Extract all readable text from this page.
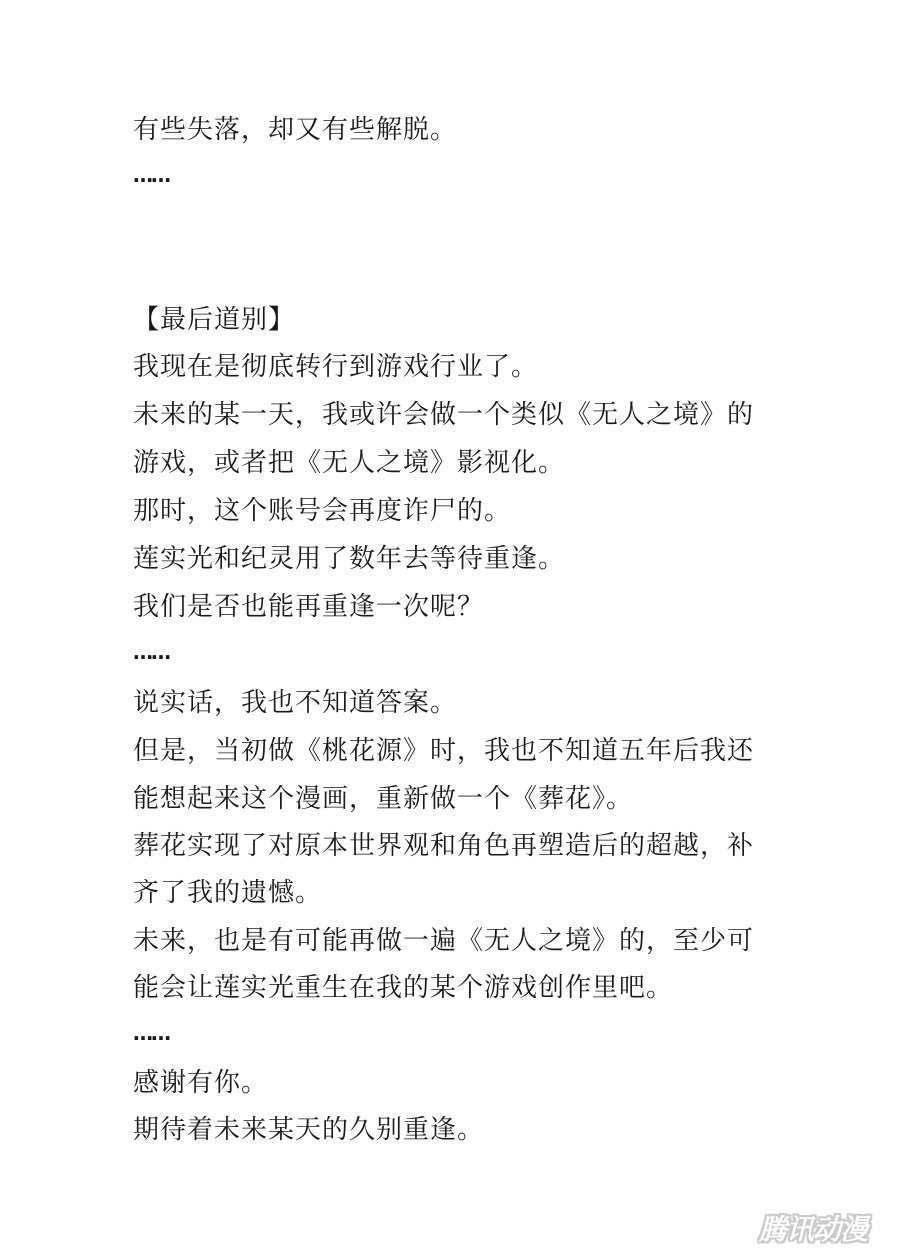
有些失落，却又有些解脱。
……
【最后道别】
我现在是彻底转行到游戏行业了。
未来的某一天，我或许会做一个类似《无人之境》的
游戏，或者把《无人之境》影视化。
那时，这个账号会再度诈尸的。
莲实光和纪灵用了数年去等待重逢。
我们是否也能再重逢一次呢？
……
说实话，我也不知道答案。
但是，当初做《桃花源》时，我也不知道五年后我还
能想起来这个漫画，重新做一个《葬花》。
葬花实现了对原本世界观和角色再塑造后的超越，补
齐了我的遗憾。
未来，也是有可能再做一遍《无人之境》的，至少可
能会让莲实光重生在我的某个游戏创作里吧。
……
感谢有你。
期待着未来某天的久别重逢。
腾讯动漫
